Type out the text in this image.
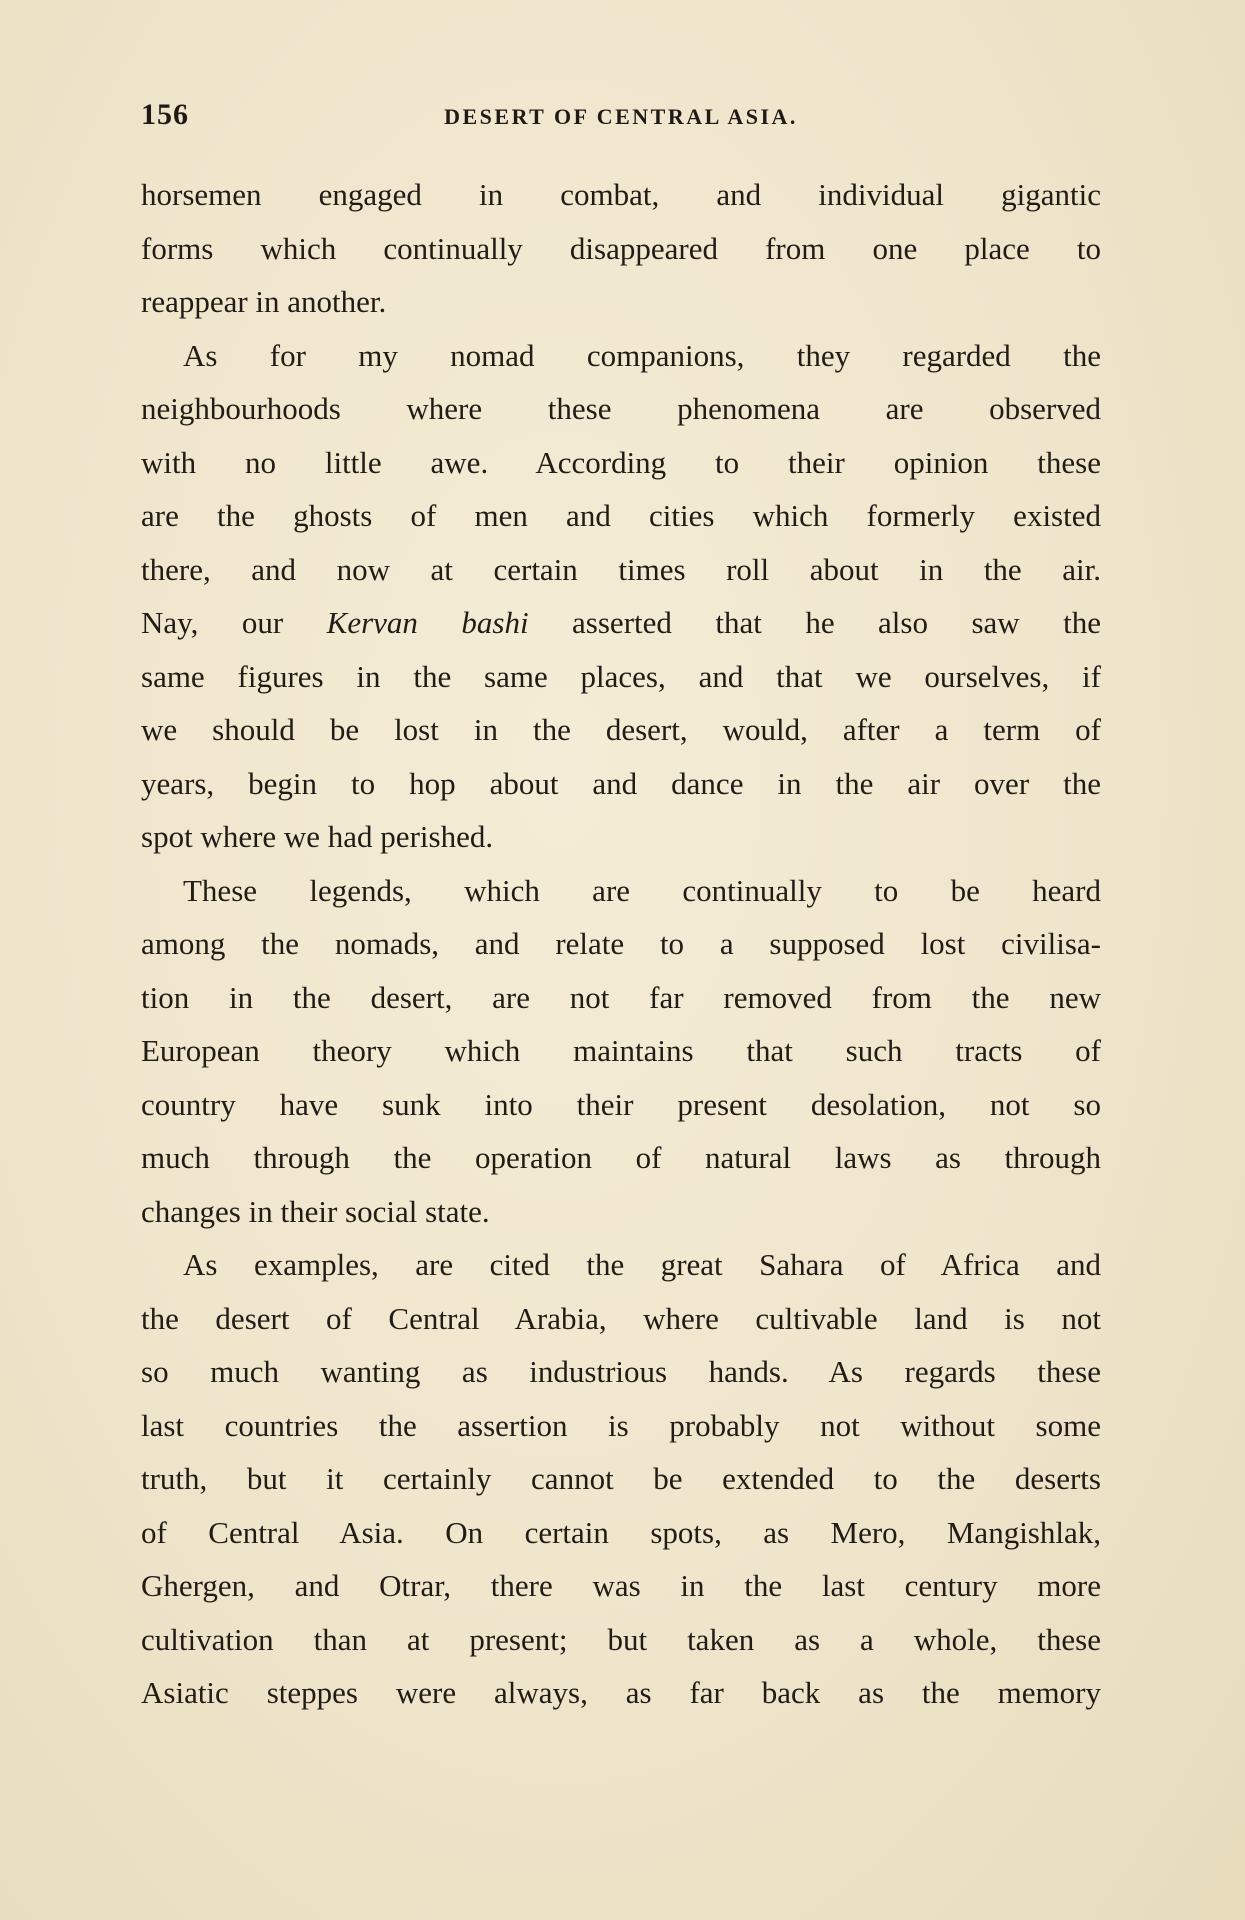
156	DESERT OF CENTRAL ASIA.
horsemen engaged in combat, and individual gigantic
forms which continually disappeared from one place to
reappear in another.
As for my nomad companions, they regarded the
neighbourhoods where these phenomena are observed
with no little awe. According to their opinion these
are the ghosts of men and cities which formerly existed
there, and now at certain times roll about in the air.
Nay, our Kervan bashi asserted that he also saw the
same figures in the same places, and that we ourselves, if
we should be lost in the desert, would, after a term of
years, begin to hop about and dance in the air over the
spot where we had perished.
These legends, which are continually to be heard
among the nomads, and relate to a supposed lost civilisa-
tion in the desert, are not far removed from the new
European theory which maintains that such tracts of
country have sunk into their present desolation, not so
much through the operation of natural laws as through
changes in their social state.
As examples, are cited the great Sahara of Africa and
the desert of Central Arabia, where cultivable land is not
so much wanting as industrious hands. As regards these
last countries the assertion is probably not without some
truth, but it certainly cannot be extended to the deserts
of Central Asia. On certain spots, as Mero, Mangishlak,
Ghergen, and Otrar, there was in the last century more
cultivation than at present; but taken as a whole, these
Asiatic steppes were always, as far back as the memory
